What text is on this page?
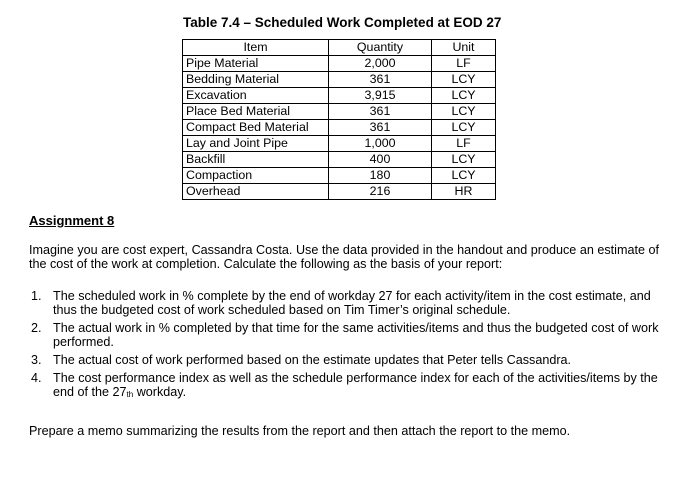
Table 7.4 – Scheduled Work Completed at EOD 27
Item	Quantity	Unit
Pipe Material	2,000	LF
Bedding Material	361	LCY
Excavation	3,915	LCY
Place Bed Material	361	LCY
Compact Bed Material	361	LCY
Lay and Joint Pipe	1,000	LF
Backfill	400	LCY
Compaction	180	LCY
Overhead	216	HR
Assignment 8
Imagine you are cost expert, Cassandra Costa. Use the data provided in the handout and produce an estimate of the cost of the work at completion. Calculate the following as the basis of your report:
1. The scheduled work in % complete by the end of workday 27 for each activity/item in the cost estimate, and thus the budgeted cost of work scheduled based on Tim Timer’s original schedule.
2. The actual work in % completed by that time for the same activities/items and thus the budgeted cost of work performed.
3. The actual cost of work performed based on the estimate updates that Peter tells Cassandra.
4. The cost performance index as well as the schedule performance index for each of the activities/items by the end of the $27_{th}$ workday.
Prepare a memo summarizing the results from the report and then attach the report to the memo.
